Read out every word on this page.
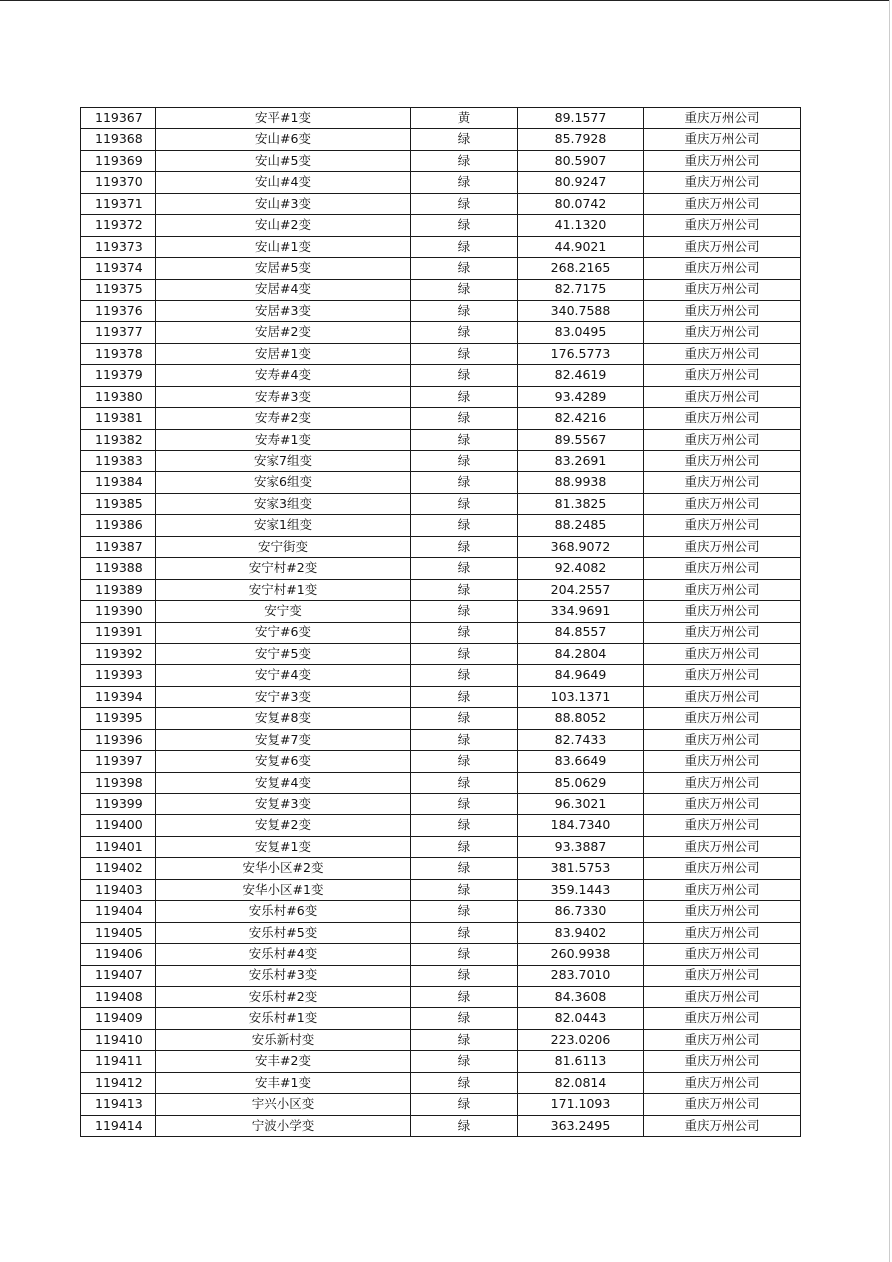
119367	安平#1变	黄	89.1577	重庆万州公司
119368	安山#6变	绿	85.7928	重庆万州公司
119369	安山#5变	绿	80.5907	重庆万州公司
119370	安山#4变	绿	80.9247	重庆万州公司
119371	安山#3变	绿	80.0742	重庆万州公司
119372	安山#2变	绿	41.1320	重庆万州公司
119373	安山#1变	绿	44.9021	重庆万州公司
119374	安居#5变	绿	268.2165	重庆万州公司
119375	安居#4变	绿	82.7175	重庆万州公司
119376	安居#3变	绿	340.7588	重庆万州公司
119377	安居#2变	绿	83.0495	重庆万州公司
119378	安居#1变	绿	176.5773	重庆万州公司
119379	安寿#4变	绿	82.4619	重庆万州公司
119380	安寿#3变	绿	93.4289	重庆万州公司
119381	安寿#2变	绿	82.4216	重庆万州公司
119382	安寿#1变	绿	89.5567	重庆万州公司
119383	安家7组变	绿	83.2691	重庆万州公司
119384	安家6组变	绿	88.9938	重庆万州公司
119385	安家3组变	绿	81.3825	重庆万州公司
119386	安家1组变	绿	88.2485	重庆万州公司
119387	安宁街变	绿	368.9072	重庆万州公司
119388	安宁村#2变	绿	92.4082	重庆万州公司
119389	安宁村#1变	绿	204.2557	重庆万州公司
119390	安宁变	绿	334.9691	重庆万州公司
119391	安宁#6变	绿	84.8557	重庆万州公司
119392	安宁#5变	绿	84.2804	重庆万州公司
119393	安宁#4变	绿	84.9649	重庆万州公司
119394	安宁#3变	绿	103.1371	重庆万州公司
119395	安复#8变	绿	88.8052	重庆万州公司
119396	安复#7变	绿	82.7433	重庆万州公司
119397	安复#6变	绿	83.6649	重庆万州公司
119398	安复#4变	绿	85.0629	重庆万州公司
119399	安复#3变	绿	96.3021	重庆万州公司
119400	安复#2变	绿	184.7340	重庆万州公司
119401	安复#1变	绿	93.3887	重庆万州公司
119402	安华小区#2变	绿	381.5753	重庆万州公司
119403	安华小区#1变	绿	359.1443	重庆万州公司
119404	安乐村#6变	绿	86.7330	重庆万州公司
119405	安乐村#5变	绿	83.9402	重庆万州公司
119406	安乐村#4变	绿	260.9938	重庆万州公司
119407	安乐村#3变	绿	283.7010	重庆万州公司
119408	安乐村#2变	绿	84.3608	重庆万州公司
119409	安乐村#1变	绿	82.0443	重庆万州公司
119410	安乐新村变	绿	223.0206	重庆万州公司
119411	安丰#2变	绿	81.6113	重庆万州公司
119412	安丰#1变	绿	82.0814	重庆万州公司
119413	宇兴小区变	绿	171.1093	重庆万州公司
119414	宁波小学变	绿	363.2495	重庆万州公司
